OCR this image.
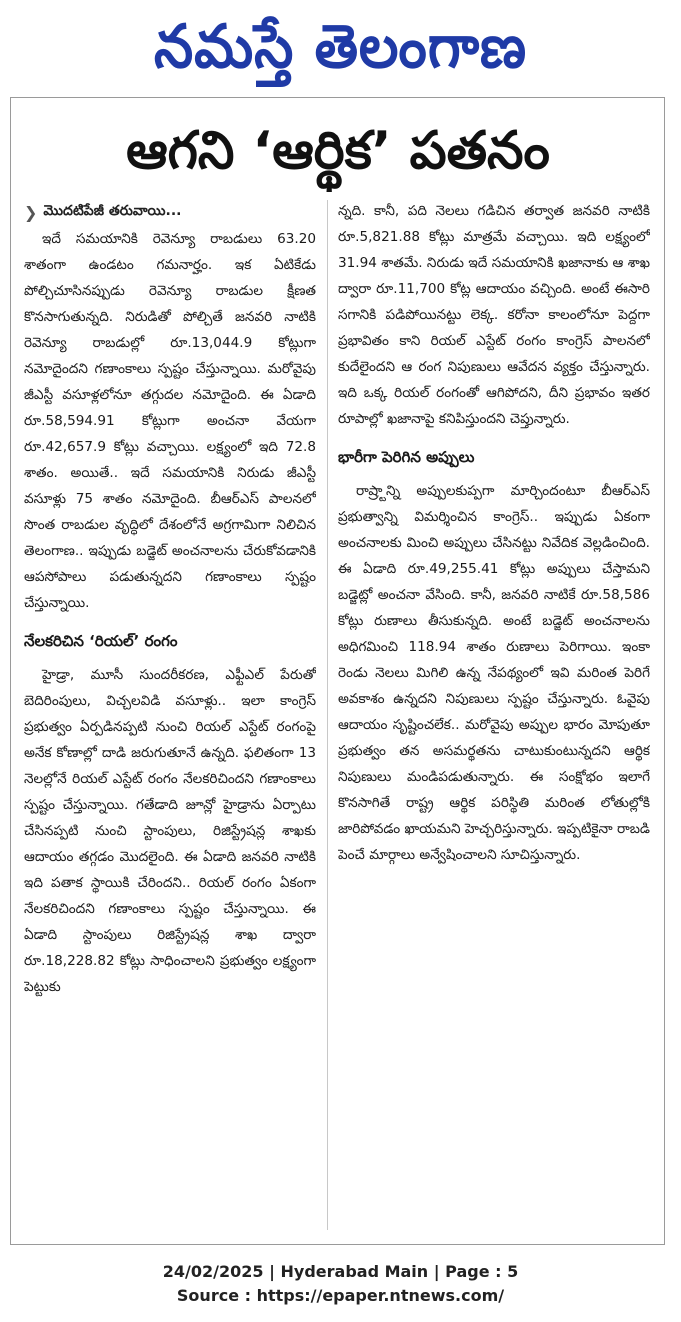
నమస్తే తెలంగాణ
ఆగని ‘ఆర్థిక’ పతనం
❯ మొదటిపేజీ తరువాయి...

ఇదే సమయానికి రెవెన్యూ రాబడులు 63.20 శాతంగా ఉండటం గమనార్హం. ఇక ఏటికేడు పోల్చిచూసినప్పుడు రెవెన్యూ రాబడుల క్షీణత కొనసాగుతున్నది. నిరుడితో పోల్చితే జనవరి నాటికి రెవెన్యూ రాబడుల్లో రూ.13,044.9 కోట్లుగా నమోదైందని గణాంకాలు స్పష్టం చేస్తున్నాయి. మరోవైపు జీఎస్టీ వసూళ్లలోనూ తగ్గుదల నమోదైంది. ఈ ఏడాది రూ.58,594.91 కోట్లుగా అంచనా వేయగా రూ.42,657.9 కోట్లు వచ్చాయి. లక్ష్యంలో ఇది 72.8 శాతం. అయితే.. ఇదే సమయానికి నిరుడు జీఎస్టీ వసూళ్లు 75 శాతం నమోదైంది. బీఆర్ఎస్ పాలనలో సొంత రాబడుల వృద్ధిలో దేశంలోనే అగ్రగామిగా నిలిచిన తెలంగాణ.. ఇప్పుడు బడ్జెట్ అంచనాలను చేరుకోవడానికి ఆపసోపాలు పడుతున్నదని గణాంకాలు స్పష్టం చేస్తున్నాయి.

నేలకరిచిన ‘రియల్’ రంగం

హైడ్రా, మూసీ సుందరీకరణ, ఎఫ్టీఎల్ పేరుతో బెదిరింపులు, విచ్చలవిడి వసూళ్లు.. ఇలా కాంగ్రెస్ ప్రభుత్వం ఏర్పడినప్పటి నుంచి రియల్ ఎస్టేట్ రంగంపై అనేక కోణాల్లో దాడి జరుగుతూనే ఉన్నది. ఫలితంగా 13 నెలల్లోనే రియల్ ఎస్టేట్ రంగం నేలకరిచిందని గణాంకాలు స్పష్టం చేస్తున్నాయి. గతేడాది జూన్లో హైడ్రాను ఏర్పాటు చేసినప్పటి నుంచి స్టాంపులు, రిజిస్ట్రేషన్ల శాఖకు ఆదాయం తగ్గడం మొదలైంది. ఈ ఏడాది జనవరి నాటికి ఇది పతాక స్థాయికి చేరిందని.. రియల్ రంగం ఏకంగా నేలకరిచిందని గణాంకాలు స్పష్టం చేస్తున్నాయి. ఈ ఏడాది స్టాంపులు రిజిస్ట్రేషన్ల శాఖ ద్వారా రూ.18,228.82 కోట్లు సాధించాలని ప్రభుత్వం లక్ష్యంగా పెట్టుకు

న్నది. కానీ, పది నెలలు గడిచిన తర్వాత జనవరి నాటికి రూ.5,821.88 కోట్లు మాత్రమే వచ్చాయి. ఇది లక్ష్యంలో 31.94 శాతమే. నిరుడు ఇదే సమయానికి ఖజానాకు ఆ శాఖ ద్వారా రూ.11,700 కోట్ల ఆదాయం వచ్చింది. అంటే ఈసారి సగానికి పడిపోయినట్టు లెక్క. కరోనా కాలంలోనూ పెద్దగా ప్రభావితం కాని రియల్ ఎస్టేట్ రంగం కాంగ్రెస్ పాలనలో కుదేలైందని ఆ రంగ నిపుణులు ఆవేదన వ్యక్తం చేస్తున్నారు. ఇది ఒక్క రియల్ రంగంతో ఆగిపోదని, దీని ప్రభావం ఇతర రూపాల్లో ఖజానాపై కనిపిస్తుందని చెప్తున్నారు.

భారీగా పెరిగిన అప్పులు

రాష్ర్టాన్ని అప్పులకుప్పగా మార్చిందంటూ బీఆర్ఎస్ ప్రభుత్వాన్ని విమర్శించిన కాంగ్రెస్.. ఇప్పుడు ఏకంగా అంచనాలకు మించి అప్పులు చేసినట్టు నివేదిక వెల్లడించింది. ఈ ఏడాది రూ.49,255.41 కోట్లు అప్పులు చేస్తామని బడ్జెట్లో అంచనా వేసింది. కానీ, జనవరి నాటికే రూ.58,586 కోట్లు రుణాలు తీసుకున్నది. అంటే బడ్జెట్ అంచనాలను అధిగమించి 118.94 శాతం రుణాలు పెరిగాయి. ఇంకా రెండు నెలలు మిగిలి ఉన్న నేపథ్యంలో ఇవి మరింత పెరిగే అవకాశం ఉన్నదని నిపుణులు స్పష్టం చేస్తున్నారు. ఓవైపు ఆదాయం సృష్టించలేక.. మరోవైపు అప్పుల భారం మోపుతూ ప్రభుత్వం తన అసమర్థతను చాటుకుంటున్నదని ఆర్థిక నిపుణులు మండిపడుతున్నారు. ఈ సంక్షోభం ఇలాగే కొనసాగితే రాష్ట్ర ఆర్థిక పరిస్థితి మరింత లోతుల్లోకి జారిపోవడం ఖాయమని హెచ్చరిస్తున్నారు. ఇప్పటికైనా రాబడి పెంచే మార్గాలు అన్వేషించాలని సూచిస్తున్నారు.

24/02/2025 | Hyderabad Main | Page : 5
Source : https://epaper.ntnews.com/
